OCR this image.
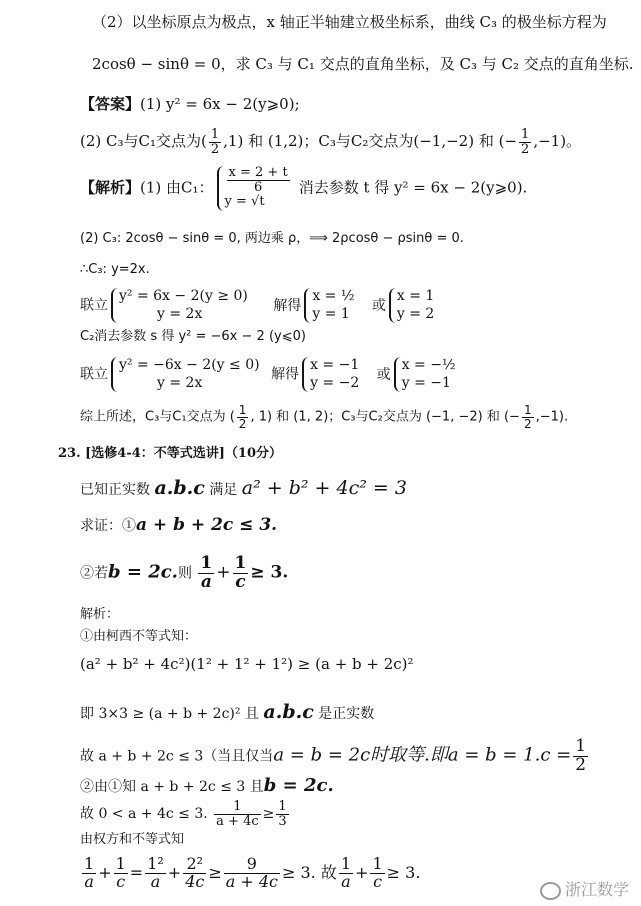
（2）以坐标原点为极点，x 轴正半轴建立极坐标系，曲线 C₃ 的极坐标方程为
2cosθ − sinθ = 0，求 C₃ 与 C₁ 交点的直角坐标，及 C₃ 与 C₂ 交点的直角坐标.
【答案】(1) y² = 6x − 2(y⩾0);
(2) C₃与C₁交点为( $\frac{1}{2} ,1$) 和 (1,2)；C₃与C₂交点为(−1,−2) 和 (− $\frac{1}{2} ,-1$)。
【解析】(1) 由C₁：
x = 2 + t
6
y = √t
消去参数 t 得 y² = 6x − 2(y⩾0).
(2) C₃: 2cosθ − sinθ = 0, 两边乘 ρ，⟹ 2ρcosθ − ρsinθ = 0.
∴C₃: y=2x.
联立
y² = 6x − 2(y ≥ 0)
y = 2x	解得
x = ½
y = 1	或
x = 1
y = 2
C₂消去参数 s 得 y² = −6x − 2 (y⩽0)
联立
y² = −6x − 2(y ≤ 0)
y = 2x	解得
x = −1
y = −2 或
x = −½
y = −1
综上所述，C₃与C₁交点为 ( $\frac{1}{2}$ , 1) 和 (1, 2)；C₃与C₂交点为 (−1, −2) 和 (− $\frac{1}{2} ,-1$).
23. [选修4-4：不等式选讲]（10分）
已知正实数 a.b.c 满足 a² + b² + 4c² = 3
求证：①a + b + 2c ≤ 3.
②若b = 2c.则 $\frac{1}{a} + \frac{1}{c} \ge 3$.
解析：
①由柯西不等式知：
(a² + b² + 4c²)(1² + 1² + 1²) ≥ (a + b + 2c)²
即 3×3 ≥ (a + b + 2c)² 且 a.b.c 是正实数
故 a + b + 2c ≤ 3（当且仅当a = b = 2c时取等.即$a = b = 1.c = \frac{1}{2}$
②由①知 a + b + 2c ≤ 3 且b = 2c.
故 0 < a + 4c ≤ 3. $\frac{1}{a + 4c} \ge \frac{1}{3}$
由权方和不等式知
$\frac{1}{a} + \frac{1}{c} = \frac{\text{1²}}{a} + \frac{\text{2²}}{4c} \ge \frac{9}{a + 4c} \ge 3$. 故 $\frac{1}{a} + \frac{1}{c} \ge 3$.
浙江数学
